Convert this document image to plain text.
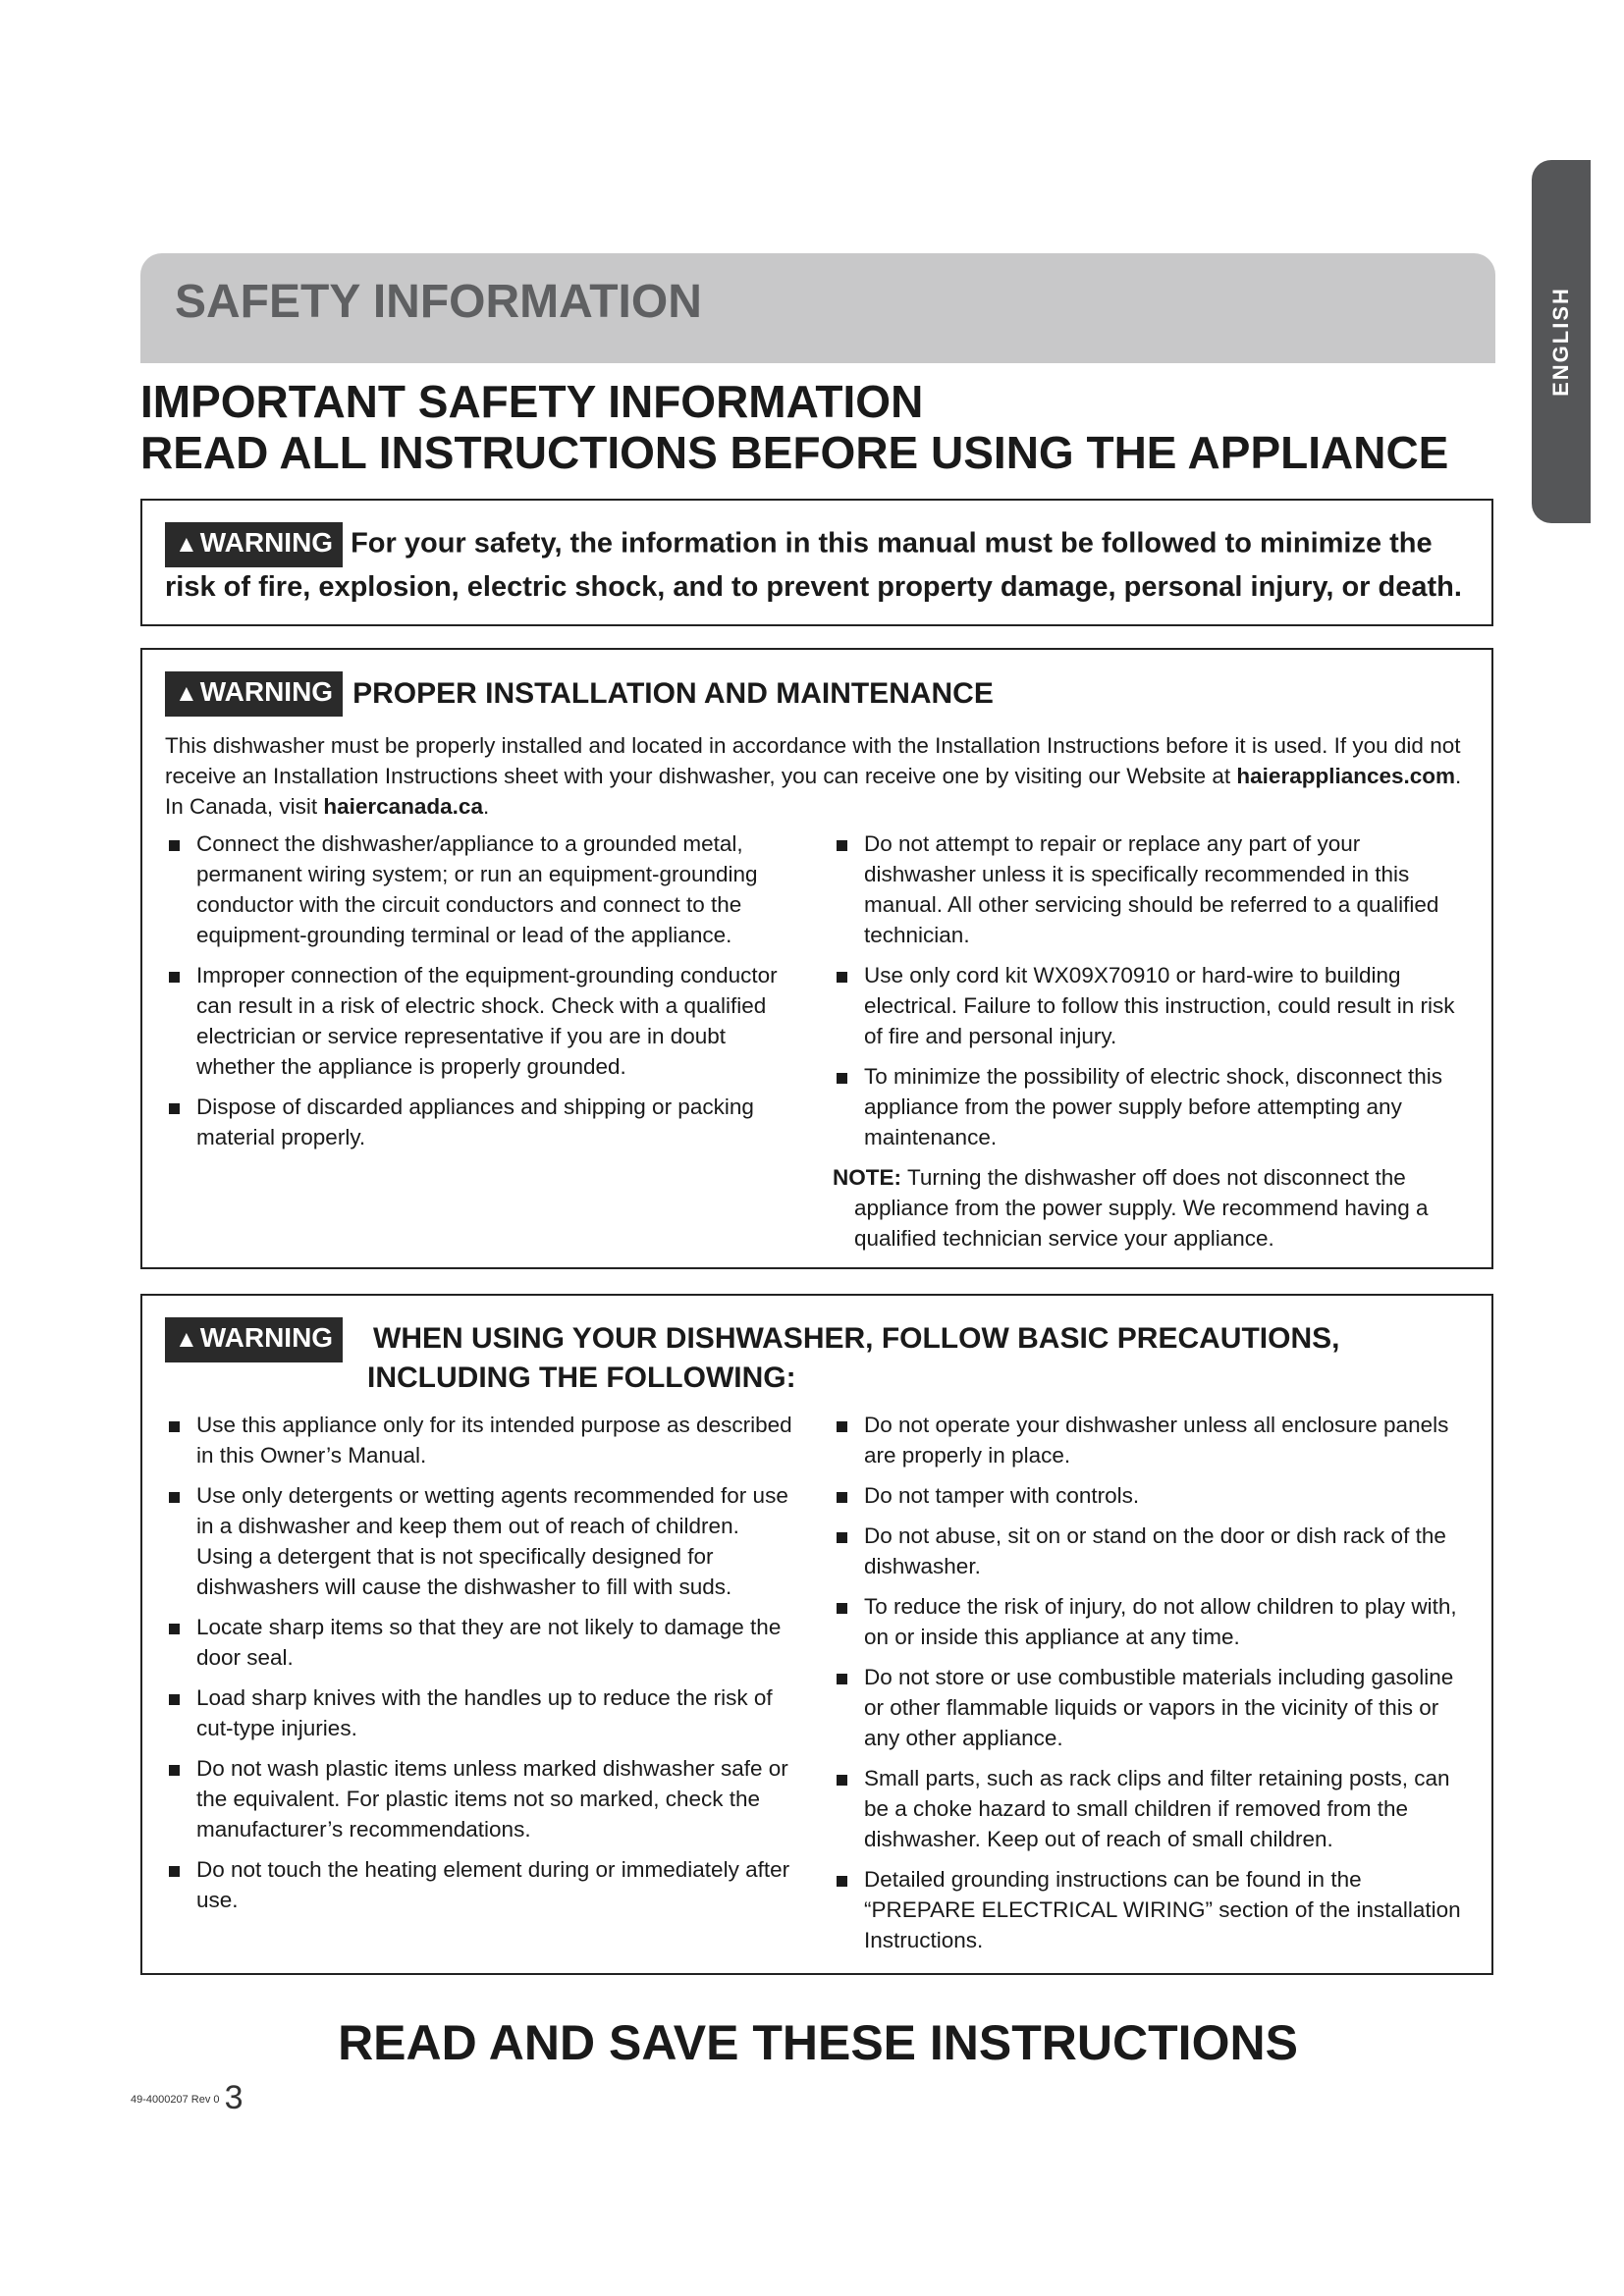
ENGLISH
SAFETY INFORMATION
IMPORTANT SAFETY INFORMATION
READ ALL INSTRUCTIONS BEFORE USING THE APPLIANCE
▲WARNING For your safety, the information in this manual must be followed to minimize the risk of fire, explosion, electric shock, and to prevent property damage, personal injury, or death.
▲WARNING PROPER INSTALLATION AND MAINTENANCE
This dishwasher must be properly installed and located in accordance with the Installation Instructions before it is used. If you did not receive an Installation Instructions sheet with your dishwasher, you can receive one by visiting our Website at haierappliances.com. In Canada, visit haiercanada.ca.
Connect the dishwasher/appliance to a grounded metal, permanent wiring system; or run an equipment-grounding conductor with the circuit conductors and connect to the equipment-grounding terminal or lead of the appliance.
Improper connection of the equipment-grounding conductor can result in a risk of electric shock. Check with a qualified electrician or service representative if you are in doubt whether the appliance is properly grounded.
Dispose of discarded appliances and shipping or packing material properly.
Do not attempt to repair or replace any part of your dishwasher unless it is specifically recommended in this manual. All other servicing should be referred to a qualified technician.
Use only cord kit WX09X70910 or hard-wire to building electrical. Failure to follow this instruction, could result in risk of fire and personal injury.
To minimize the possibility of electric shock, disconnect this appliance from the power supply before attempting any maintenance.
NOTE: Turning the dishwasher off does not disconnect the appliance from the power supply. We recommend having a qualified technician service your appliance.
▲WARNING	WHEN USING YOUR DISHWASHER, FOLLOW BASIC PRECAUTIONS,
INCLUDING THE FOLLOWING:
Use this appliance only for its intended purpose as described in this Owner’s Manual.
Use only detergents or wetting agents recommended for use in a dishwasher and keep them out of reach of children. Using a detergent that is not specifically designed for dishwashers will cause the dishwasher to fill with suds.
Locate sharp items so that they are not likely to damage the door seal.
Load sharp knives with the handles up to reduce the risk of cut-type injuries.
Do not wash plastic items unless marked dishwasher safe or the equivalent. For plastic items not so marked, check the manufacturer’s recommendations.
Do not touch the heating element during or immediately after use.
Do not operate your dishwasher unless all enclosure panels are properly in place.
Do not tamper with controls.
Do not abuse, sit on or stand on the door or dish rack of the dishwasher.
To reduce the risk of injury, do not allow children to play with, on or inside this appliance at any time.
Do not store or use combustible materials including gasoline or other flammable liquids or vapors in the vicinity of this or any other appliance.
Small parts, such as rack clips and filter retaining posts, can be a choke hazard to small children if removed from the dishwasher. Keep out of reach of small children.
Detailed grounding instructions can be found in the “PREPARE ELECTRICAL WIRING” section of the installation Instructions.
READ AND SAVE THESE INSTRUCTIONS
49-4000207 Rev 0 3
